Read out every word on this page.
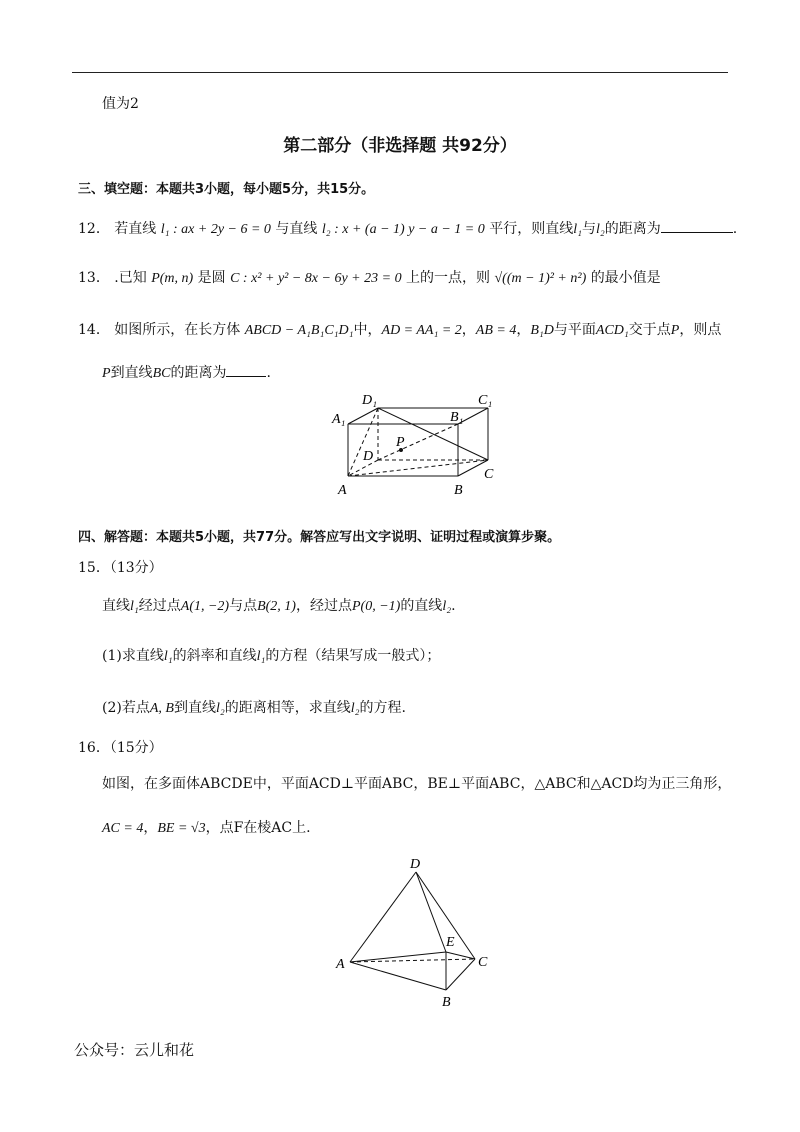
值为2
第二部分（非选择题 共92分）
三、填空题：本题共3小题，每小题5分，共15分。
12． 若直线 l₁ : ax + 2y − 6 = 0 与直线 l₂ : x + (a − 1) y − a − 1 = 0 平行，则直线l₁与l₂的距离为	.
13． .已知 P(m, n) 是圆 C : x² + y² − 8x − 6y + 23 = 0 上的一点，则 √((m − 1)² + n²) 的最小值是
14． 如图所示，在长方体 ABCD − A₁B₁C₁D₁中，AD = AA₁ = 2，AB = 4，B₁D与平面ACD₁交于点P，则点
P到直线BC的距离为	.
D₁	C₁
A₁	B₁
P
D
C
A	B
四、解答题：本题共5小题，共77分。解答应写出文字说明、证明过程或演算步聚。
15．（13分）
直线l₁经过点A(1, −2)与点B(2, 1)，经过点P(0, −1)的直线l₂.
(1)求直线l₁的斜率和直线l₁的方程（结果写成一般式）；
(2)若点A, B到直线l₂的距离相等，求直线l₂的方程.
16．（15分）
如图，在多面体ABCDE中，平面ACD⊥平面ABC，BE⊥平面ABC，△ABC和△ACD均为正三角形，
AC = 4，BE = √3，点F在棱AC上.
D
E
A	C
B
公众号：云儿和花
